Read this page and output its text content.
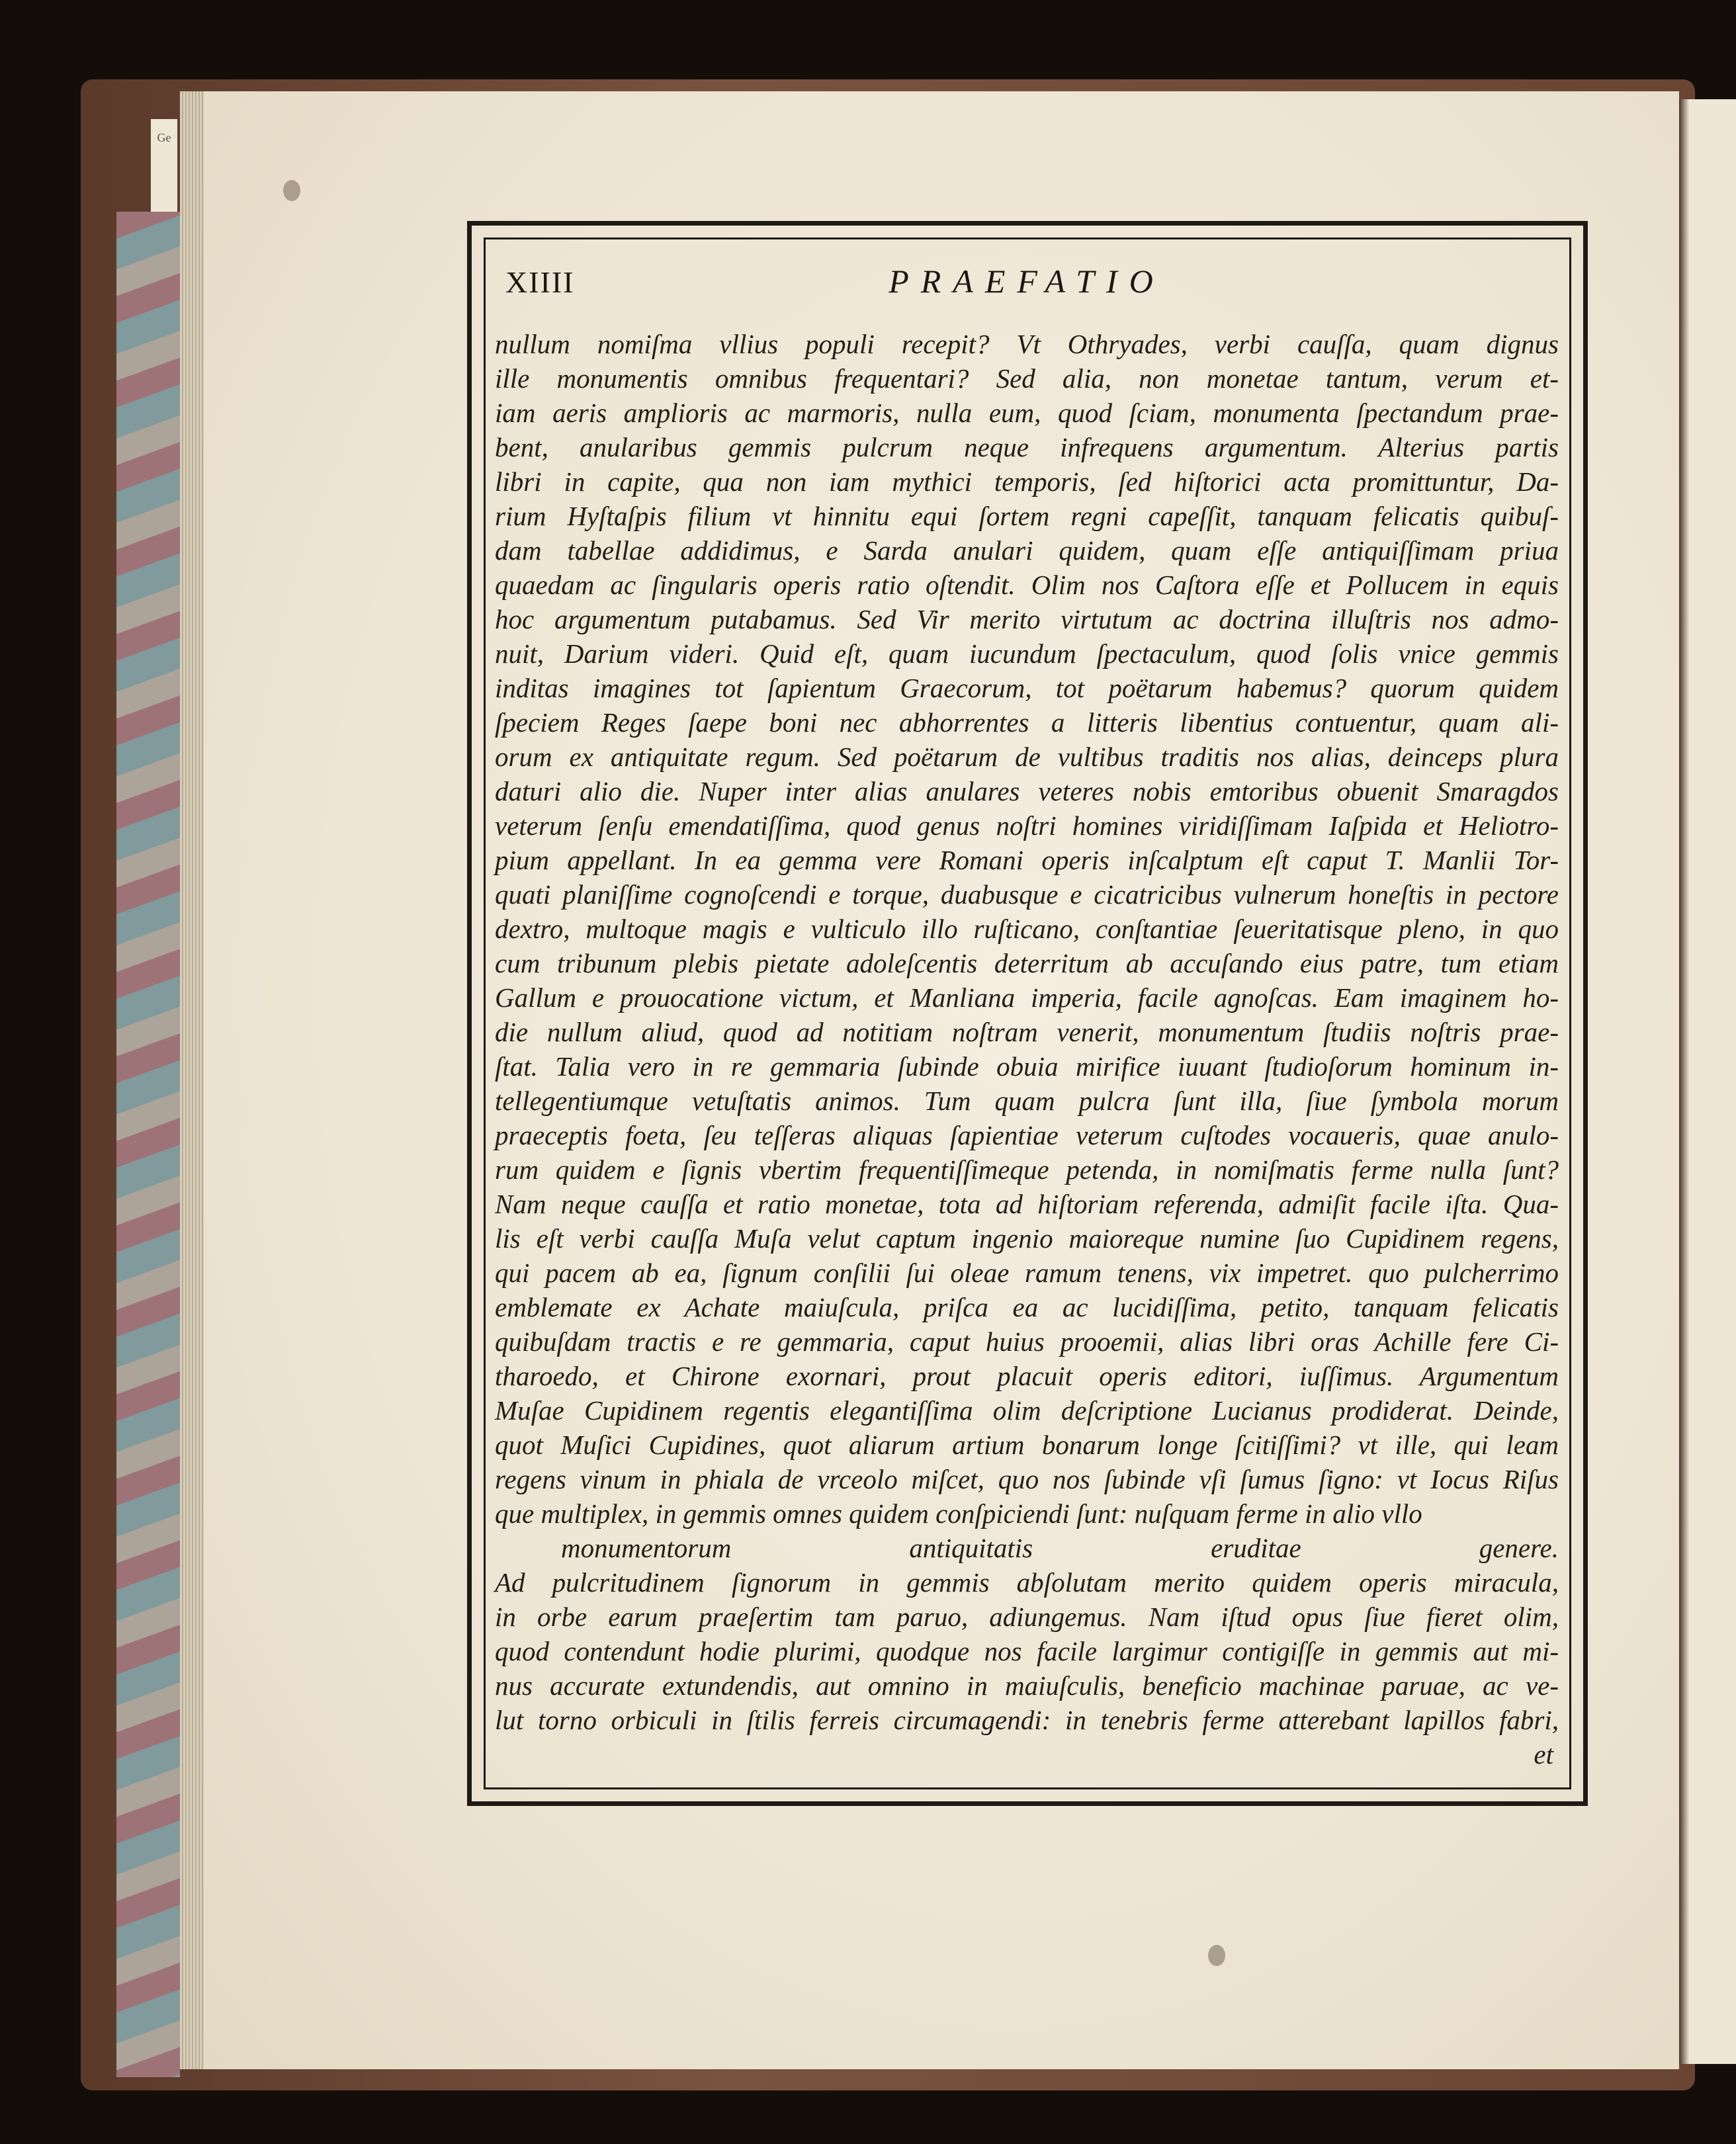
Ge
XIIII	PRAEFATIO
nullum nomiſma vllius populi recepit? Vt Othryades, verbi cauſſa, quam dignus
ille monumentis omnibus frequentari? Sed alia, non monetae tantum, verum et-
iam aeris amplioris ac marmoris, nulla eum, quod ſciam, monumenta ſpectandum prae-
bent, anularibus gemmis pulcrum neque infrequens argumentum. Alterius partis
libri in capite, qua non iam mythici temporis, ſed hiſtorici acta promittuntur, Da-
rium Hyſtaſpis filium vt hinnitu equi ſortem regni capeſſit, tanquam felicatis quibuſ-
dam tabellae addidimus, e Sarda anulari quidem, quam eſſe antiquiſſimam priua
quaedam ac ſingularis operis ratio oſtendit. Olim nos Caſtora eſſe et Pollucem in equis
hoc argumentum putabamus. Sed Vir merito virtutum ac doctrina illuſtris nos admo-
nuit, Darium videri. Quid eſt, quam iucundum ſpectaculum, quod ſolis vnice gemmis
inditas imagines tot ſapientum Graecorum, tot poëtarum habemus? quorum quidem
ſpeciem Reges ſaepe boni nec abhorrentes a litteris libentius contuentur, quam ali-
orum ex antiquitate regum. Sed poëtarum de vultibus traditis nos alias, deinceps plura
daturi alio die. Nuper inter alias anulares veteres nobis emtoribus obuenit Smaragdos
veterum ſenſu emendatiſſima, quod genus noſtri homines viridiſſimam Iaſpida et Heliotro-
pium appellant. In ea gemma vere Romani operis inſcalptum eſt caput T. Manlii Tor-
quati planiſſime cognoſcendi e torque, duabusque e cicatricibus vulnerum honeſtis in pectore
dextro, multoque magis e vulticulo illo ruſticano, conſtantiae ſeueritatisque pleno, in quo
cum tribunum plebis pietate adoleſcentis deterritum ab accuſando eius patre, tum etiam
Gallum e prouocatione victum, et Manliana imperia, facile agnoſcas. Eam imaginem ho-
die nullum aliud, quod ad notitiam noſtram venerit, monumentum ſtudiis noſtris prae-
ſtat. Talia vero in re gemmaria ſubinde obuia mirifice iuuant ſtudioſorum hominum in-
tellegentiumque vetuſtatis animos. Tum quam pulcra ſunt illa, ſiue ſymbola morum
praeceptis foeta, ſeu teſſeras aliquas ſapientiae veterum cuſtodes vocaueris, quae anulo-
rum quidem e ſignis vbertim frequentiſſimeque petenda, in nomiſmatis ferme nulla ſunt?
Nam neque cauſſa et ratio monetae, tota ad hiſtoriam referenda, admiſit facile iſta. Qua-
lis eſt verbi cauſſa Muſa velut captum ingenio maioreque numine ſuo Cupidinem regens,
qui pacem ab ea, ſignum conſilii ſui oleae ramum tenens, vix impetret. quo pulcherrimo
emblemate ex Achate maiuſcula, priſca ea ac lucidiſſima, petito, tanquam felicatis
quibuſdam tractis e re gemmaria, caput huius prooemii, alias libri oras Achille fere Ci-
tharoedo, et Chirone exornari, prout placuit operis editori, iuſſimus. Argumentum
Muſae Cupidinem regentis elegantiſſima olim deſcriptione Lucianus prodiderat. Deinde,
quot Muſici Cupidines, quot aliarum artium bonarum longe ſcitiſſimi? vt ille, qui leam
regens vinum in phiala de vrceolo miſcet, quo nos ſubinde vſi ſumus ſigno: vt Iocus Riſus
que multiplex, in gemmis omnes quidem conſpiciendi ſunt: nuſquam ferme in alio vllo
monumentorum antiquitatis eruditae genere.
Ad pulcritudinem ſignorum in gemmis abſolutam merito quidem operis miracula,
in orbe earum praeſertim tam paruo, adiungemus. Nam iſtud opus ſiue fieret olim,
quod contendunt hodie plurimi, quodque nos facile largimur contigiſſe in gemmis aut mi-
nus accurate extundendis, aut omnino in maiuſculis, beneficio machinae paruae, ac ve-
lut torno orbiculi in ſtilis ferreis circumagendi: in tenebris ferme atterebant lapillos fabri,
et
